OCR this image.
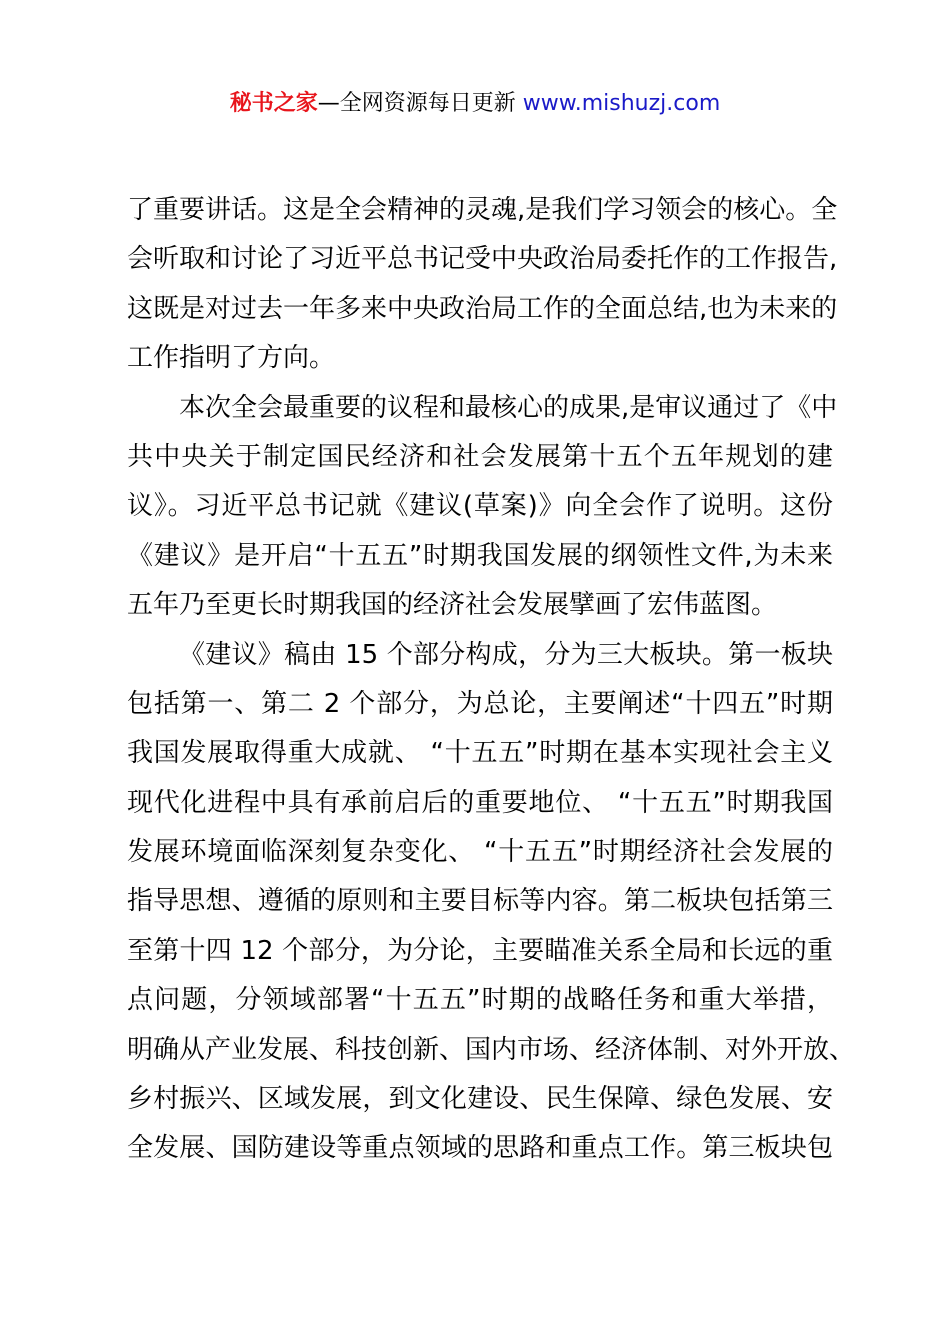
秘书之家—全网资源每日更新 www.mishuzj.com
了重要讲话。这是全会精神的灵魂,是我们学习领会的核心。全
会听取和讨论了习近平总书记受中央政治局委托作的工作报告,
这既是对过去一年多来中央政治局工作的全面总结,也为未来的
工作指明了方向。
本次全会最重要的议程和最核心的成果,是审议通过了《中
共中央关于制定国民经济和社会发展第十五个五年规划的建
议》。习近平总书记就《建议(草案)》向全会作了说明。这份
《建议》是开启“十五五”时期我国发展的纲领性文件,为未来
五年乃至更长时期我国的经济社会发展擘画了宏伟蓝图。
《建议》稿由 15 个部分构成，分为三大板块。第一板块
包括第一、第二 2 个部分，为总论，主要阐述“十四五”时期
我国发展取得重大成就、 “十五五”时期在基本实现社会主义
现代化进程中具有承前启后的重要地位、 “十五五”时期我国
发展环境面临深刻复杂变化、 “十五五”时期经济社会发展的
指导思想、遵循的原则和主要目标等内容。第二板块包括第三
至第十四 12 个部分，为分论，主要瞄准关系全局和长远的重
点问题，分领域部署“十五五”时期的战略任务和重大举措，
明确从产业发展、科技创新、国内市场、经济体制、对外开放、
乡村振兴、区域发展，到文化建设、民生保障、绿色发展、安
全发展、国防建设等重点领域的思路和重点工作。第三板块包
